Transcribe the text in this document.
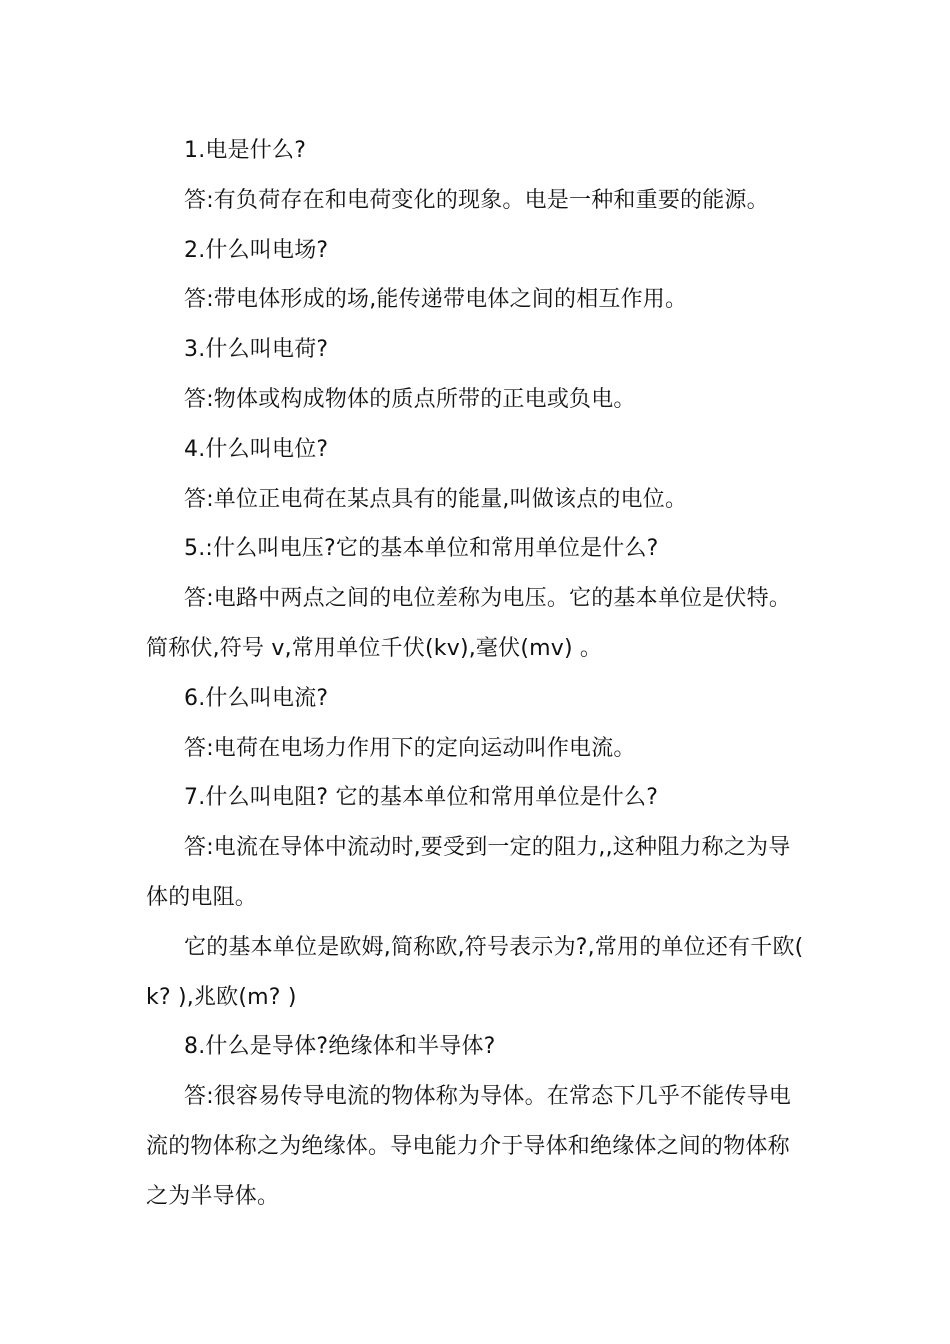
1.电是什么?

答:有负荷存在和电荷变化的现象。电是一种和重要的能源。

2.什么叫电场?

答:带电体形成的场,能传递带电体之间的相互作用。

3.什么叫电荷?

答:物体或构成物体的质点所带的正电或负电。

4.什么叫电位?

答:单位正电荷在某点具有的能量,叫做该点的电位。

5.:什么叫电压?它的基本单位和常用单位是什么?

答:电路中两点之间的电位差称为电压。它的基本单位是伏特。简称伏,符号 v,常用单位千伏(kv),毫伏(mv) 。

6.什么叫电流?

答:电荷在电场力作用下的定向运动叫作电流。

7.什么叫电阻? 它的基本单位和常用单位是什么?

答:电流在导体中流动时,要受到一定的阻力,,这种阻力称之为导体的电阻。

它的基本单位是欧姆,简称欧,符号表示为?,常用的单位还有千欧( k? ),兆欧(m? )

8.什么是导体?绝缘体和半导体?

答:很容易传导电流的物体称为导体。在常态下几乎不能传导电流的物体称之为绝缘体。导电能力介于导体和绝缘体之间的物体称之为半导体。
